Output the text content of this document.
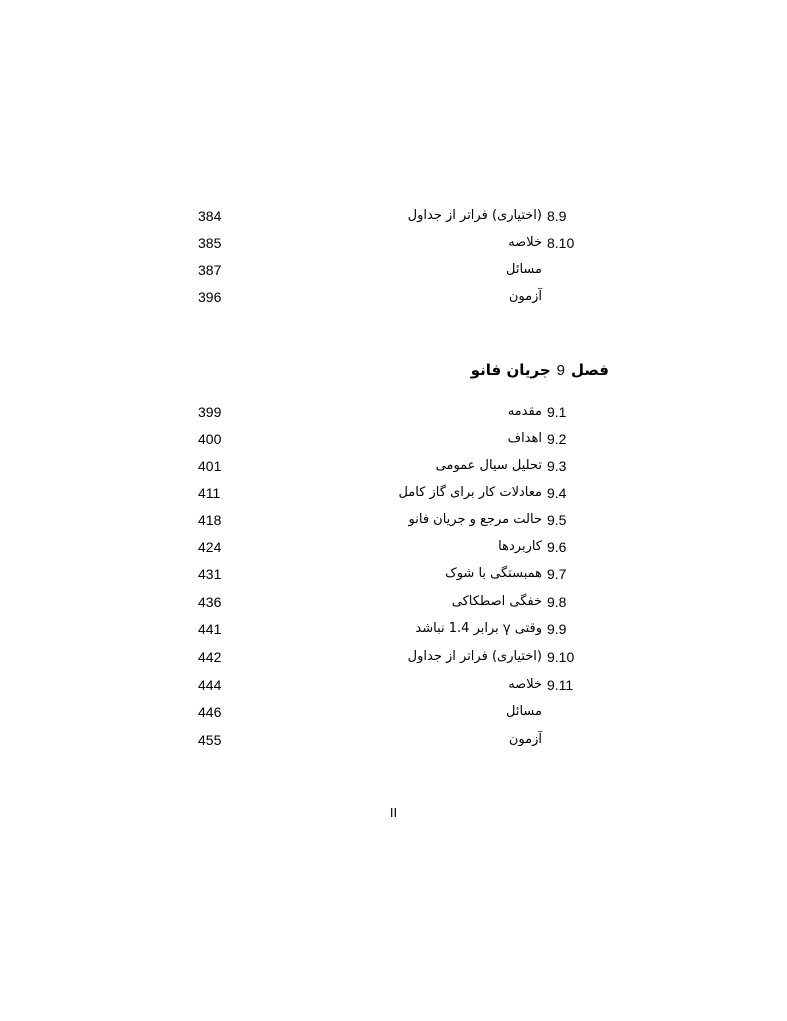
8.9
(اختیاری) فراتر از جداول
384
8.10
خلاصه
385
مسائل
387
آزمون
396
فصل9جریان فانو
9.1
مقدمه
399
9.2
اهداف
400
9.3
تحلیل سیال عمومی
401
9.4
معادلات کار برای گاز کامل
411
9.5
حالت مرجع و جریان فانو
418
9.6
کاربردها
424
9.7
همبستگی با شوک
431
9.8
خفگی اصطکاکی
436
9.9
وقتی γ برابر 1.4 نباشد
441
9.10
(اختیاری) فراتر از جداول
442
9.11
خلاصه
444
مسائل
446
آزمون
455
II
